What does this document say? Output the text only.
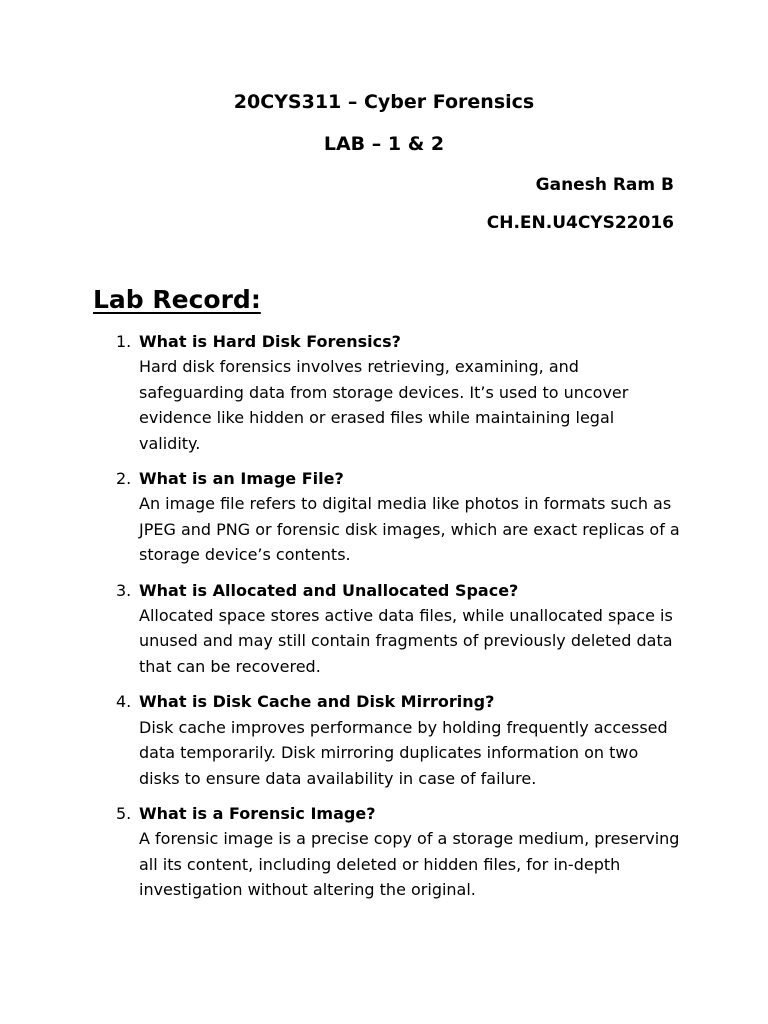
20CYS311 – Cyber Forensics
LAB – 1 & 2
Ganesh Ram B
CH.EN.U4CYS22016
Lab Record:
1. What is Hard Disk Forensics?
Hard disk forensics involves retrieving, examining, and safeguarding data from storage devices. It’s used to uncover evidence like hidden or erased files while maintaining legal validity.
2. What is an Image File?
An image file refers to digital media like photos in formats such as JPEG and PNG or forensic disk images, which are exact replicas of a storage device’s contents.
3. What is Allocated and Unallocated Space?
Allocated space stores active data files, while unallocated space is unused and may still contain fragments of previously deleted data that can be recovered.
4. What is Disk Cache and Disk Mirroring?
Disk cache improves performance by holding frequently accessed data temporarily. Disk mirroring duplicates information on two disks to ensure data availability in case of failure.
5. What is a Forensic Image?
A forensic image is a precise copy of a storage medium, preserving all its content, including deleted or hidden files, for in-depth investigation without altering the original.
